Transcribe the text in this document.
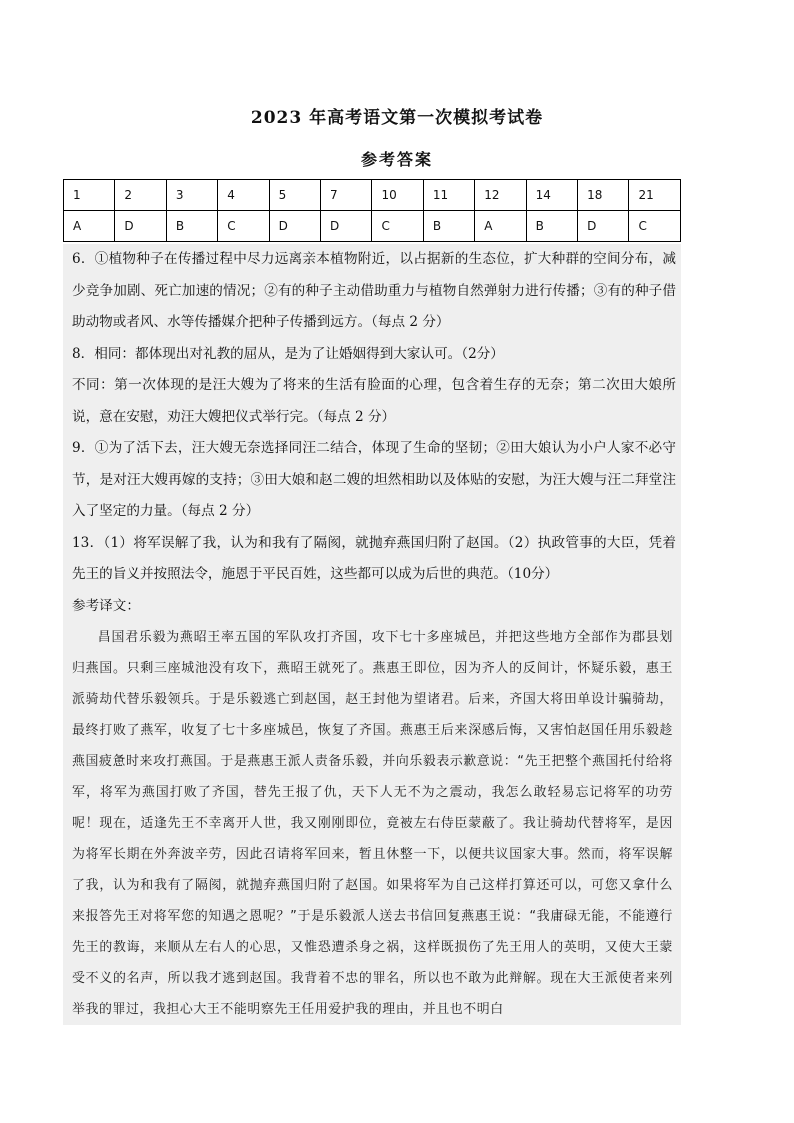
2023 年高考语文第一次模拟考试卷
参考答案
1	2	3	4	5	7	10	11	12	14	18	21
A	D	B	C	D	D	C	B	A	B	D	C

6．①植物种子在传播过程中尽力远离亲本植物附近，以占据新的生态位，扩大种群的空间分布，减少竞争加剧、死亡加速的情况；②有的种子主动借助重力与植物自然弹射力进行传播；③有的种子借助动物或者风、水等传播媒介把种子传播到远方。（每点 2 分）

8．相同：都体现出对礼教的屈从，是为了让婚姻得到大家认可。（2分）

不同：第一次体现的是汪大嫂为了将来的生活有脸面的心理，包含着生存的无奈；第二次田大娘所说，意在安慰，劝汪大嫂把仪式举行完。（每点 2 分）

9．①为了活下去，汪大嫂无奈选择同汪二结合，体现了生命的坚韧；②田大娘认为小户人家不必守节，是对汪大嫂再嫁的支持；③田大娘和赵二嫂的坦然相助以及体贴的安慰，为汪大嫂与汪二拜堂注入了坚定的力量。（每点 2 分）

13．（1）将军误解了我，认为和我有了隔阂，就抛弃燕国归附了赵国。（2）执政管事的大臣，凭着先王的旨义并按照法令，施恩于平民百姓，这些都可以成为后世的典范。（10分）

参考译文：
昌国君乐毅为燕昭王率五国的军队攻打齐国，攻下七十多座城邑，并把这些地方全部作为郡县划归燕国。只剩三座城池没有攻下，燕昭王就死了。燕惠王即位，因为齐人的反间计，怀疑乐毅，惠王派骑劫代替乐毅领兵。于是乐毅逃亡到赵国，赵王封他为望诸君。后来，齐国大将田单设计骗骑劫，最终打败了燕军，收复了七十多座城邑，恢复了齐国。燕惠王后来深感后悔，又害怕赵国任用乐毅趁燕国疲惫时来攻打燕国。于是燕惠王派人责备乐毅，并向乐毅表示歉意说：“先王把整个燕国托付给将军，将军为燕国打败了齐国，替先王报了仇，天下人无不为之震动，我怎么敢轻易忘记将军的功劳呢！现在，适逢先王不幸离开人世，我又刚刚即位，竟被左右侍臣蒙蔽了。我让骑劫代替将军，是因为将军长期在外奔波辛劳，因此召请将军回来，暂且休整一下，以便共议国家大事。然而，将军误解了我，认为和我有了隔阂，就抛弃燕国归附了赵国。如果将军为自己这样打算还可以，可您又拿什么来报答先王对将军您的知遇之恩呢？”于是乐毅派人送去书信回复燕惠王说：“我庸碌无能，不能遵行先王的教诲，来顺从左右人的心思，又惟恐遭杀身之祸，这样既损伤了先王用人的英明，又使大王蒙受不义的名声，所以我才逃到赵国。我背着不忠的罪名，所以也不敢为此辩解。现在大王派使者来列举我的罪过，我担心大王不能明察先王任用爱护我的理由，并且也不明白
